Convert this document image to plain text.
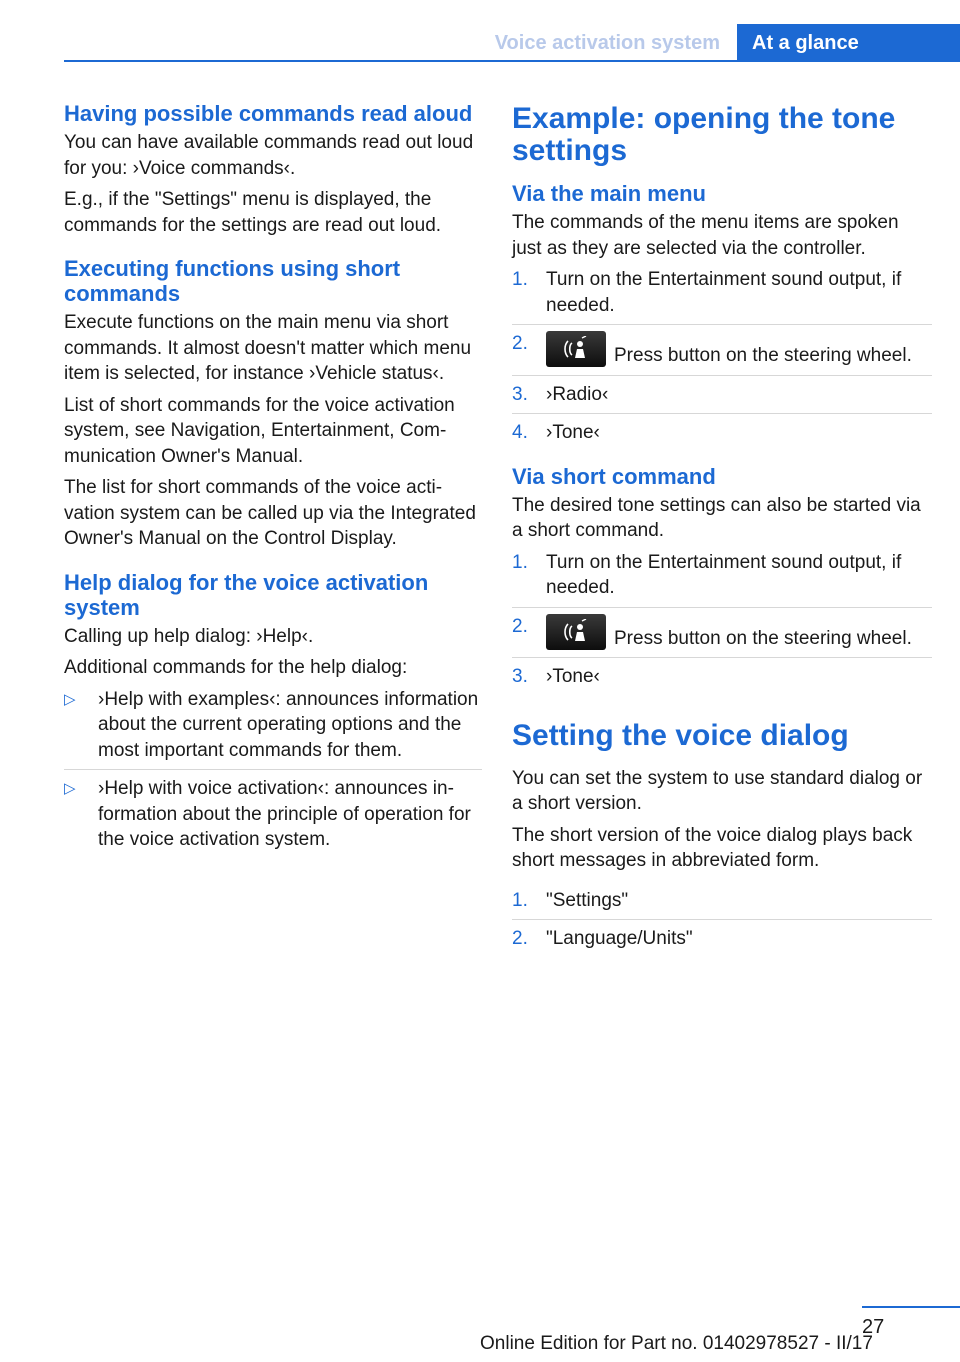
Voice activation system	At a glance
Having possible commands read aloud

You can have available commands read out loud for you: ›Voice commands‹.

E.g., if the "Settings" menu is displayed, the commands for the settings are read out loud.

Executing functions using short commands

Execute functions on the main menu via short commands. It almost doesn't matter which menu item is selected, for instance ›Vehicle status‹.

List of short commands for the voice activation system, see Navigation, Entertainment, Communication Owner's Manual.

The list for short commands of the voice activation system can be called up via the Integrated Owner's Manual on the Control Display.

Help dialog for the voice activation system

Calling up help dialog: ›Help‹.

Additional commands for the help dialog:

▷ ›Help with examples‹: announces information about the current operating options and the most important commands for them.
▷ ›Help with voice activation‹: announces information about the principle of operation for the voice activation system.
Example: opening the tone settings
Via the main menu

The commands of the menu items are spoken just as they are selected via the controller.

1. Turn on the Entertainment sound output, if needed.
2.
Press button on the steering wheel.
3. ›Radio‹
4. ›Tone‹
Via short command

The desired tone settings can also be started via a short command.

1. Turn on the Entertainment sound output, if needed.
2.
Press button on the steering wheel.
3. ›Tone‹
Setting the voice dialog

You can set the system to use standard dialog or a short version.

The short version of the voice dialog plays back short messages in abbreviated form.

1. "Settings"
2. "Language/Units"
27
Online Edition for Part no. 01402978527 - II/17
